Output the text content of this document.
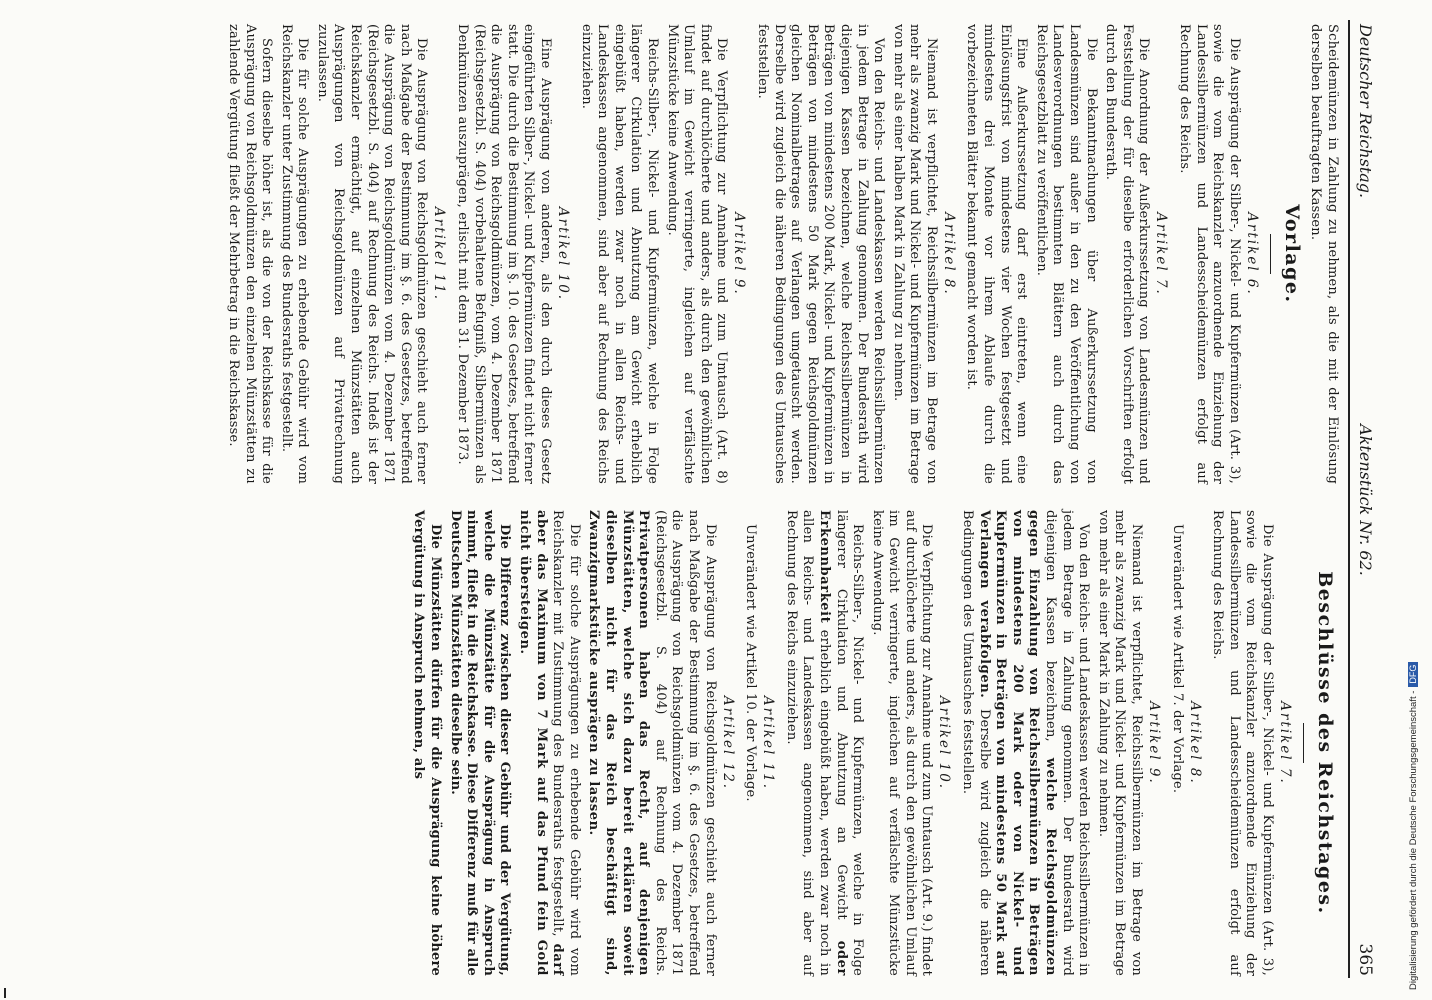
Deutscher Reichstag.
Aktenstück Nr. 62.
365

Scheidemünzen in Zahlung zu nehmen, als die mit der Einlösung derselben beauftragten Kassen.

Vorlage.
Artikel 6.

Die Ausprägung der Silber-, Nickel- und Kupfermünzen (Art. 3), sowie die vom Reichskanzler anzuordnende Einziehung der Landessilbermünzen und Landesscheidemünzen erfolgt auf Rechnung des Reichs.

Artikel 7.

Die Anordnung der Außerkurssetzung von Landesmünzen und Feststellung der für dieselbe erforderlichen Vorschriften erfolgt durch den Bundesrath.

Die Bekanntmachungen über Außerkurssetzung von Landesmünzen sind außer in den zu den Veröffentlichung von Landesverordnungen bestimmten Blättern auch durch das Reichsgesetzblatt zu veröffentlichen.

Eine Außerkurssetzung darf erst eintreten, wenn eine Einlösungsfrist von mindestens vier Wochen festgesetzt und mindestens drei Monate vor ihrem Ablaufe durch die vorbezeichneten Blätter bekannt gemacht worden ist.

Artikel 8.

Niemand ist verpflichtet, Reichssilbermünzen im Betrage von mehr als zwanzig Mark und Nickel- und Kupfermünzen im Betrage von mehr als einer halben Mark in Zahlung zu nehmen.

Von den Reichs- und Landeskassen werden Reichssilbermünzen in jedem Betrage in Zahlung genommen. Der Bundesrath wird diejenigen Kassen bezeichnen, welche Reichssilbermünzen in Beträgen von mindestens 200 Mark, Nickel- und Kupfermünzen in Beträgen von mindestens 50 Mark gegen Reichsgoldmünzen gleichen Nominalbetrages auf Verlangen umgetauscht werden. Derselbe wird zugleich die näheren Bedingungen des Umtausches feststellen.

Artikel 9.

Die Verpflichtung zur Annahme und zum Umtausch (Art. 8) findet auf durchlöcherte und anders, als durch den gewöhnlichen Umlauf im Gewicht verringerte, ingleichen auf verfälschte Münzstücke keine Anwendung.

Reichs-Silber-, Nickel- und Kupfermünzen, welche in Folge längerer Cirkulation und Abnutzung am Gewicht erheblich eingebüßt haben, werden zwar noch in allen Reichs- und Landeskassen angenommen, sind aber auf Rechnung des Reichs einzuziehen.

Artikel 10.

Eine Ausprägung von anderen, als den durch dieses Gesetz eingeführten Silber-, Nickel- und Kupfermünzen findet nicht ferner statt. Die durch die Bestimmung im §. 10. des Gesetzes, betreffend die Ausprägung von Reichsgoldmünzen, vom 4. Dezember 1871 (Reichsgesetzbl. S. 404) vorbehaltene Befugniß, Silbermünzen als Denkmünzen auszuprägen, erlischt mit dem 31. Dezember 1873.

Artikel 11.

Die Ausprägung von Reichsgoldmünzen geschieht auch ferner nach Maßgabe der Bestimmung im §. 6. des Gesetzes, betreffend die Ausprägung von Reichsgoldmünzen vom 4. Dezember 1871 (Reichsgesetzbl. S. 404) auf Rechnung des Reichs. Indeß ist der Reichskanzler ermächtigt, auf einzelnen Münzstätten auch Ausprägungen von Reichsgoldmünzen auf Privatrechnung zuzulassen.

Die für solche Ausprägungen zu erhebende Gebühr wird vom Reichskanzler unter Zustimmung des Bundesraths festgestellt.

Sofern dieselbe höher ist, als die von der Reichskasse für die Ausprägung von Reichsgoldmünzen den einzelnen Münzstätten zu zahlende Vergütung fließt der Mehrbetrag in die Reichskasse.

Beschlüsse des Reichstages.
Artikel 7.

Die Ausprägung der Silber-, Nickel- und Kupfermünzen (Art. 3), sowie die vom Reichskanzler anzuordnende Einziehung der Landessilbermünzen und Landesscheidemünzen erfolgt auf Rechnung des Reichs.

Artikel 8.

Unverändert wie Artikel 7. der Vorlage.

Artikel 9.

Niemand ist verpflichtet, Reichssilbermünzen im Betrage von mehr als zwanzig Mark und Nickel- und Kupfermünzen im Betrage von mehr als einer Mark in Zahlung zu nehmen.

Von den Reichs- und Landeskassen werden Reichssilbermünzen in jedem Betrage in Zahlung genommen. Der Bundesrath wird diejenigen Kassen bezeichnen, welche Reichsgoldmünzen gegen Einzahlung von Reichssilbermünzen in Beträgen von mindestens 200 Mark oder von Nickel- und Kupfermünzen in Beträgen von mindestens 50 Mark auf Verlangen verabfolgen. Derselbe wird zugleich die näheren Bedingungen des Umtausches feststellen.

Artikel 10.

Die Verpflichtung zur Annahme und zum Umtausch (Art. 9.) findet auf durchlöcherte und anders, als durch den gewöhnlichen Umlauf im Gewicht verringerte, ingleichen auf verfälschte Münzstücke keine Anwendung.

Reichs-Silber-, Nickel- und Kupfermünzen, welche in Folge längerer Cirkulation und Abnutzung an Gewicht oder Erkennbarkeit erheblich eingebüßt haben, werden zwar noch in allen Reichs- und Landeskassen angenommen, sind aber auf Rechnung des Reichs einzuziehen.

Artikel 11.

Unverändert wie Artikel 10. der Vorlage.

Artikel 12.

Die Ausprägung von Reichsgoldmünzen geschieht auch ferner nach Maßgabe der Bestimmung im §. 6. des Gesetzes, betreffend die Ausprägung von Reichsgoldmünzen vom 4. Dezember 1871 (Reichsgesetzbl. S. 404) auf Rechnung des Reichs. Privatpersonen haben das Recht, auf denjenigen Münzstätten, welche sich dazu bereit erklären soweit dieselben nicht für das Reich beschäftigt sind, Zwanzigmarkstücke ausprägen zu lassen.

Die für solche Ausprägungen zu erhebende Gebühr wird vom Reichskanzler mit Zustimmung des Bundesraths festgestellt, darf aber das Maximum von 7 Mark auf das Pfund fein Gold nicht übersteigen.

Die Differenz zwischen dieser Gebühr und der Vergütung, welche die Münzstätte für die Ausprägung in Anspruch nimmt, fließt in die Reichskasse. Diese Differenz muß für alle Deutschen Münzstätten dieselbe sein.

Die Münzstätten dürfen für die Ausprägung keine höhere Vergütung in Anspruch nehmen, als

Digitalisierung gefördert durch die Deutsche Forschungsgemeinschaft -DFG
